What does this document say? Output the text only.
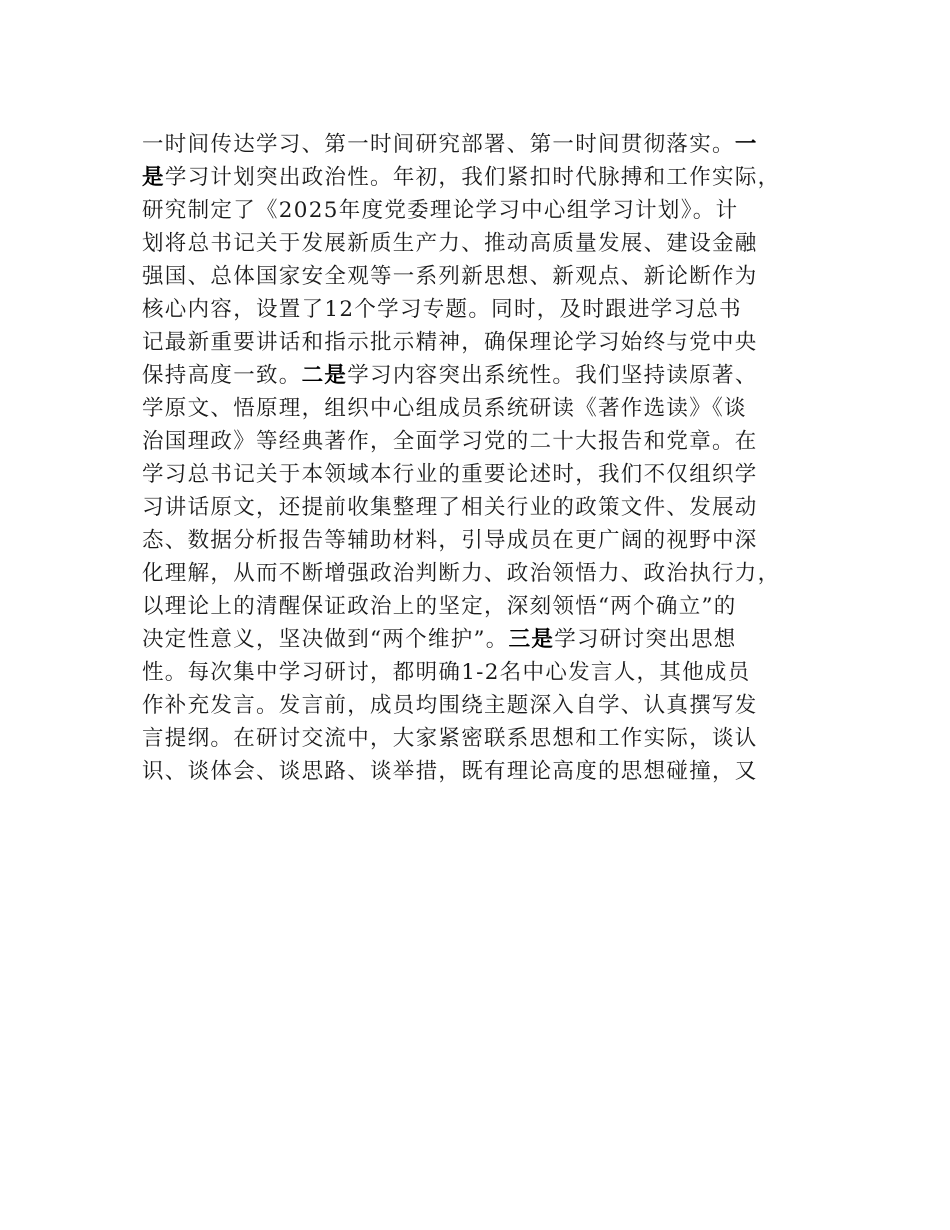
一时间传达学习、第一时间研究部署、第一时间贯彻落实。一
是学习计划突出政治性。年初，我们紧扣时代脉搏和工作实际，
研究制定了《2025年度党委理论学习中心组学习计划》。计
划将总书记关于发展新质生产力、推动高质量发展、建设金融
强国、总体国家安全观等一系列新思想、新观点、新论断作为
核心内容，设置了12个学习专题。同时，及时跟进学习总书
记最新重要讲话和指示批示精神，确保理论学习始终与党中央
保持高度一致。二是学习内容突出系统性。我们坚持读原著、
学原文、悟原理，组织中心组成员系统研读《著作选读》《谈
治国理政》等经典著作，全面学习党的二十大报告和党章。在
学习总书记关于本领域本行业的重要论述时，我们不仅组织学
习讲话原文，还提前收集整理了相关行业的政策文件、发展动
态、数据分析报告等辅助材料，引导成员在更广阔的视野中深
化理解，从而不断增强政治判断力、政治领悟力、政治执行力，
以理论上的清醒保证政治上的坚定，深刻领悟“两个确立”的
决定性意义，坚决做到“两个维护”。三是学习研讨突出思想
性。每次集中学习研讨，都明确1-2名中心发言人，其他成员
作补充发言。发言前，成员均围绕主题深入自学、认真撰写发
言提纲。在研讨交流中，大家紧密联系思想和工作实际，谈认
识、谈体会、谈思路、谈举措，既有理论高度的思想碰撞，又
